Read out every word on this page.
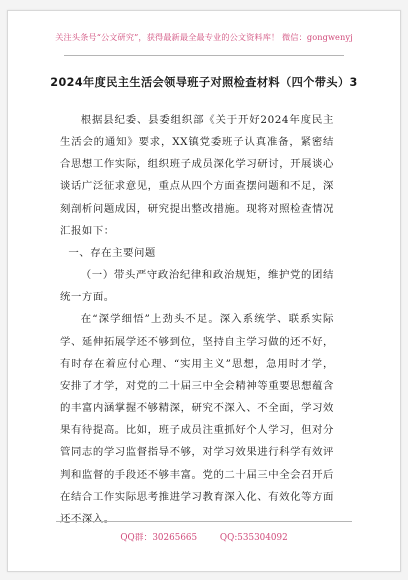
关注头条号“公文研究”，获得最新最全最专业的公文资料库！ 微信：gongwenyj
2024年度民主生活会领导班子对照检查材料（四个带头）3

根据县纪委、县委组织部《关于开好2024年度民主生活会的通知》要求，XX镇党委班子认真准备，紧密结合思想工作实际，组织班子成员深化学习研讨，开展谈心谈话广泛征求意见，重点从四个方面查摆问题和不足，深刻剖析问题成因，研究提出整改措施。现将对照检查情况汇报如下：

一、存在主要问题

（一）带头严守政治纪律和政治规矩，维护党的团结统一方面。

在“深学细悟”上劲头不足。深入系统学、联系实际学、延伸拓展学还不够到位，坚持自主学习做的还不好，有时存在着应付心理、“实用主义”思想，急用时才学，安排了才学，对党的二十届三中全会精神等重要思想蕴含的丰富内涵掌握不够精深，研究不深入、不全面，学习效果有待提高。比如，班子成员注重抓好个人学习，但对分管同志的学习监督指导不够，对学习效果进行科学有效评判和监督的手段还不够丰富。党的二十届三中全会召开后在结合工作实际思考推进学习教育深入化、有效化等方面还不深入。

QQ群：30265665	QQ:535304092
